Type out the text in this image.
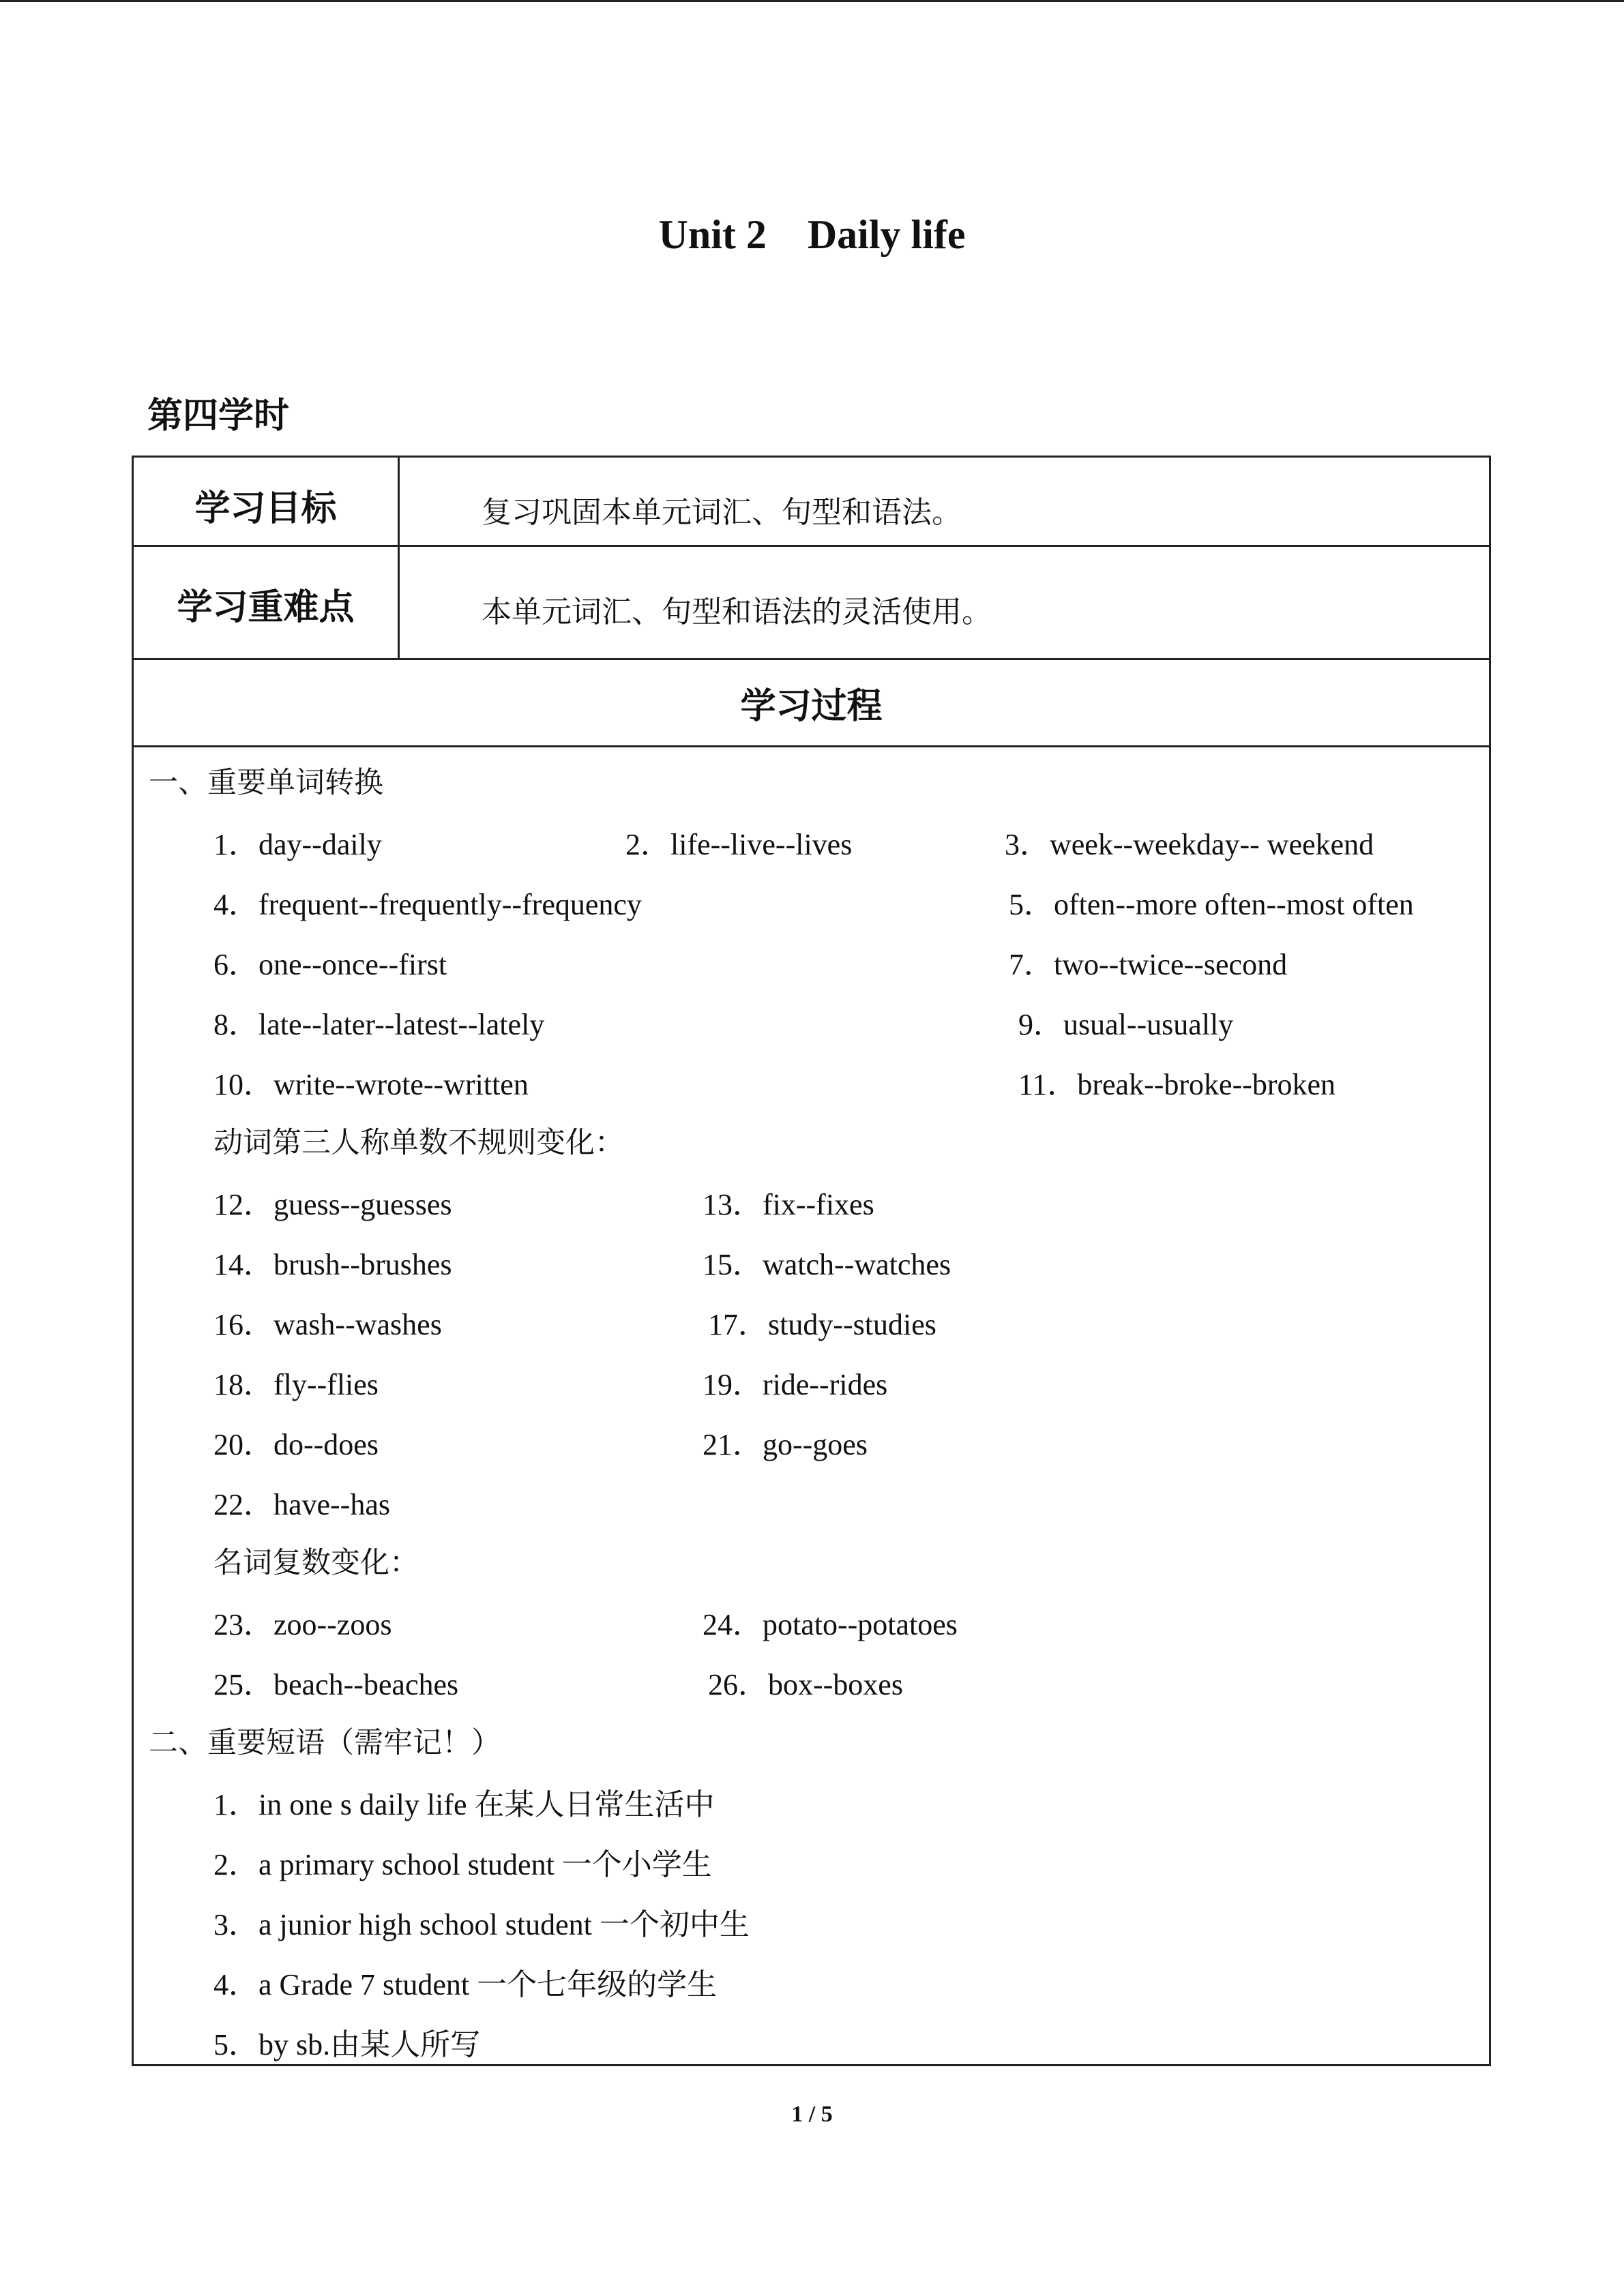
Unit 2    Daily life
第四学时
学习目标	复习巩固本单元词汇、句型和语法。
学习重难点	本单元词汇、句型和语法的灵活使用。
学习过程
一、重要单词转换
1．day--daily	2．life--live--lives	3．week--weekday-- weekend
4．frequent--frequently--frequency	5．often--more often--most often
6．one--once--first	7．two--twice--second
8．late--later--latest--lately	9．usual--usually
10．write--wrote--written	11．break--broke--broken
动词第三人称单数不规则变化：
12．guess--guesses	13．fix--fixes
14．brush--brushes	15．watch--watches
16．wash--washes	17．study--studies
18．fly--flies	19．ride--rides
20．do--does	21．go--goes
22．have--has
名词复数变化：
23．zoo--zoos	24．potato--potatoes
25．beach--beaches	26．box--boxes
二、重要短语（需牢记！）
1．in one s daily life 在某人日常生活中
2．a primary school student 一个小学生
3．a junior high school student 一个初中生
4．a Grade 7 student 一个七年级的学生
5．by sb.由某人所写
1 / 5
